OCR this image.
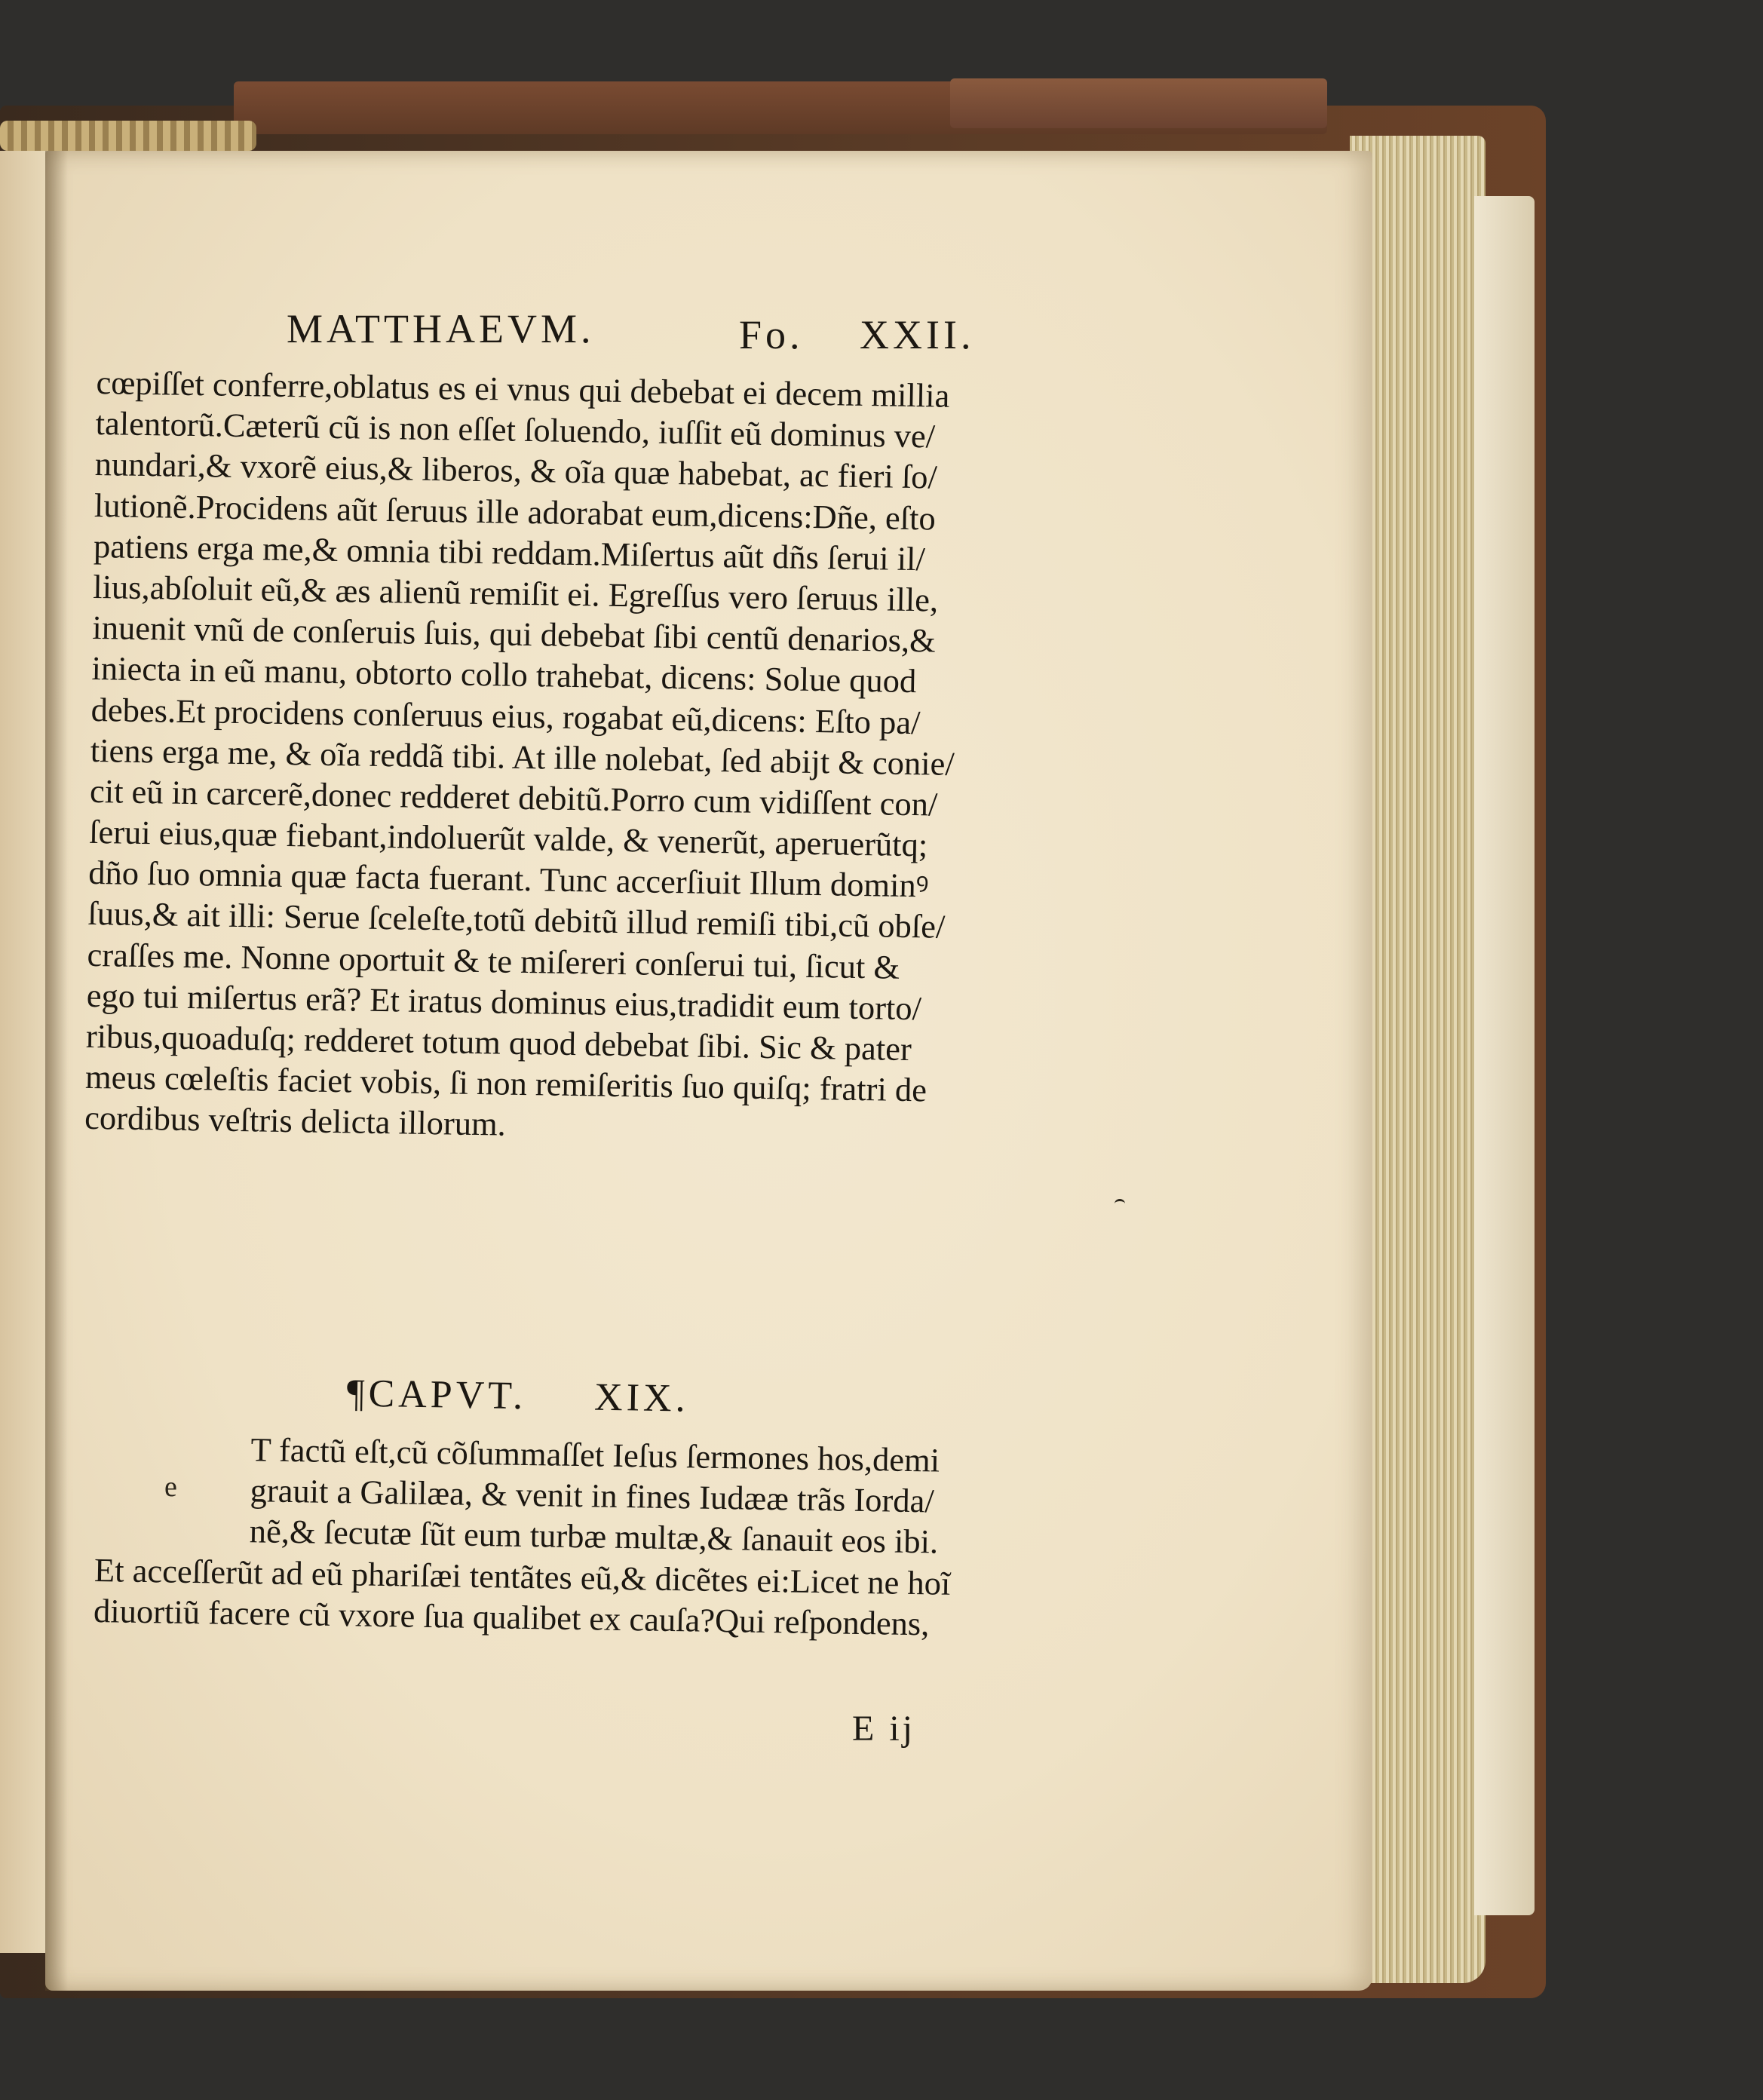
MATTHAEVM.	Fo. XXII.
cœpiſſet conferre,oblatus es ei vnus qui debebat ei decem millia
talentorũ.Cæterũ cũ is non eſſet ſoluendo, iuſſit eũ dominus ve/
nundari,& vxorẽ eius,& liberos, & oĩa quæ habebat, ac fieri ſo/
lutionẽ.Procidens aũt ſeruus ille adorabat eum,dicens:Dñe, eſto
patiens erga me,& omnia tibi reddam.Miſertus aũt dñs ſerui il/
lius,abſoluit eũ,& æs alienũ remiſit ei. Egreſſus vero ſeruus ille,
inuenit vnũ de conſeruis ſuis, qui debebat ſibi centũ denarios,&
iniecta in eũ manu, obtorto collo trahebat, dicens: Solue quod
debes.Et procidens conſeruus eius, rogabat eũ,dicens: Eſto pa/
tiens erga me, & oĩa reddã tibi. At ille nolebat, ſed abijt & conie/
cit eũ in carcerẽ,donec redderet debitũ.Porro cum vidiſſent con/
ſerui eius,quæ fiebant,indoluerũt valde, & venerũt, aperuerũtq;
dño ſuo omnia quæ facta fuerant. Tunc accerſiuit Illum dominꝰ
ſuus,& ait illi: Serue ſceleſte,totũ debitũ illud remiſi tibi,cũ obſe/
craſſes me. Nonne oportuit & te miſereri conſerui tui, ſicut &
ego tui miſertus erã? Et iratus dominus eius,tradidit eum torto/
ribus,quoaduſq; redderet totum quod debebat ſibi. Sic & pater
meus cœleſtis faciet vobis, ſi non remiſeritis ſuo quiſq; fratri de
cordibus veſtris delicta illorum.
¶CAPVT. XIX.
e
T factũ eſt,cũ cõſummaſſet Ieſus ſermones hos,demi
grauit a Galilæa, & venit in fines Iudææ trãs Iorda/
nẽ,& ſecutæ ſũt eum turbæ multæ,& ſanauit eos ibi.
Et acceſſerũt ad eũ phariſæi tentãtes eũ,& dicẽtes ei:Licet ne hoĩ
diuortiũ facere cũ vxore ſua qualibet ex cauſa?Qui reſpondens,
E ij
